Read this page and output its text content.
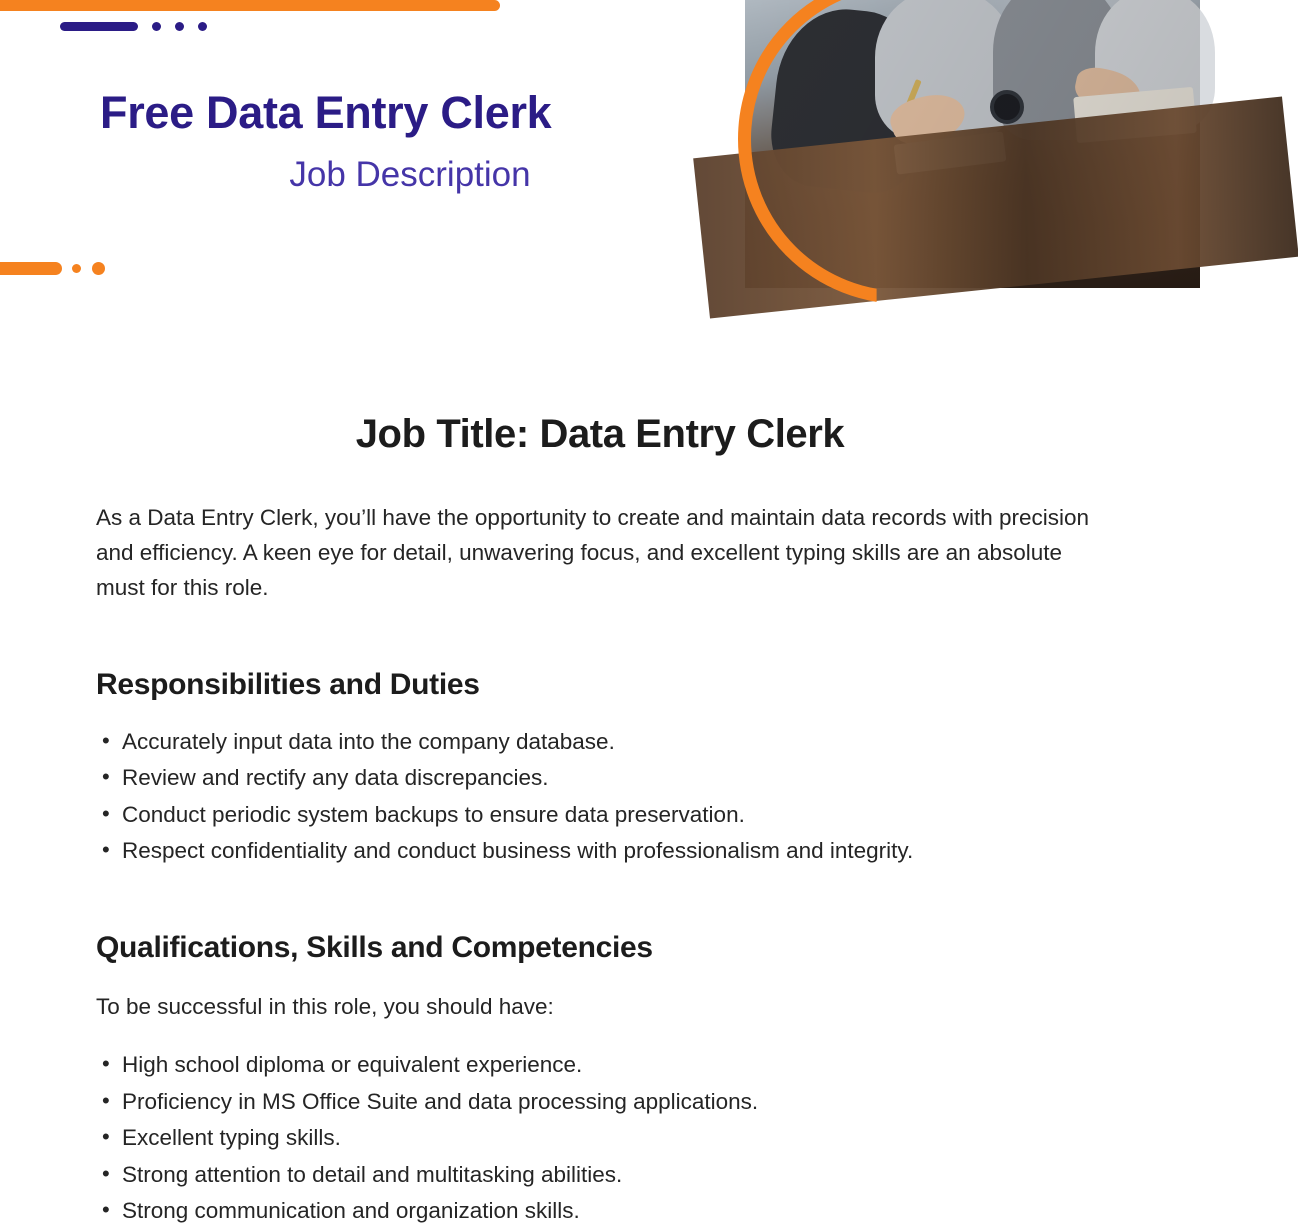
Free Data Entry Clerk
Job Description
Job Title: Data Entry Clerk

As a Data Entry Clerk, you’ll have the opportunity to create and maintain data records with precision and efficiency. A keen eye for detail, unwavering focus, and excellent typing skills are an absolute must for this role.

Responsibilities and Duties
• Accurately input data into the company database.
• Review and rectify any data discrepancies.
• Conduct periodic system backups to ensure data preservation.
• Respect confidentiality and conduct business with professionalism and integrity.
Qualifications, Skills and Competencies

To be successful in this role, you should have:

• High school diploma or equivalent experience.
• Proficiency in MS Office Suite and data processing applications.
• Excellent typing skills.
• Strong attention to detail and multitasking abilities.
• Strong communication and organization skills.
